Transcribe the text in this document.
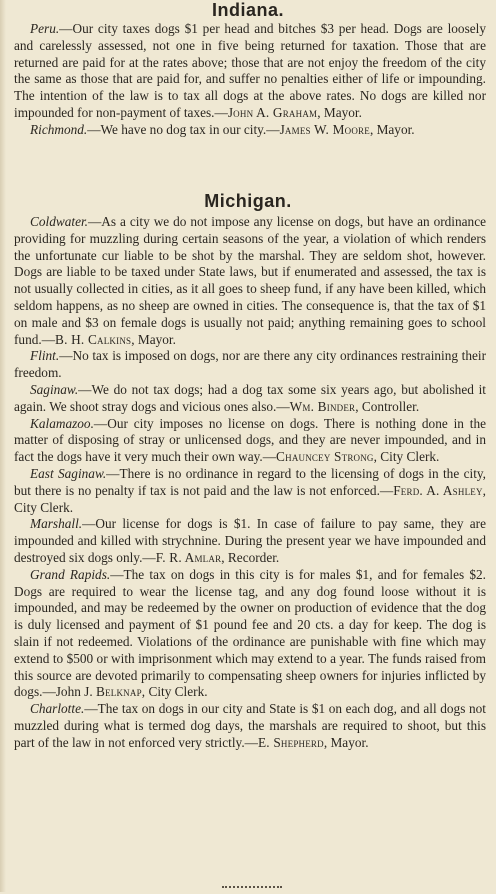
Indiana.

Peru.—Our city taxes dogs $1 per head and bitches $3 per head. Dogs are loosely and carelessly assessed, not one in five being returned for taxation. Those that are returned are paid for at the rates above; those that are not enjoy the freedom of the city the same as those that are paid for, and suffer no penalties either of life or impounding. The intention of the law is to tax all dogs at the above rates. No dogs are killed nor impounded for non-payment of taxes.—John A. Graham, Mayor.

Richmond.—We have no dog tax in our city.—James W. Moore, Mayor.

Michigan.

Coldwater.—As a city we do not impose any license on dogs, but have an ordinance providing for muzzling during certain seasons of the year, a violation of which renders the unfortunate cur liable to be shot by the marshal. They are seldom shot, however. Dogs are liable to be taxed under State laws, but if enumerated and assessed, the tax is not usually collected in cities, as it all goes to sheep fund, if any have been killed, which seldom happens, as no sheep are owned in cities. The consequence is, that the tax of $1 on male and $3 on female dogs is usually not paid; anything remaining goes to school fund.—B. H. Calkins, Mayor.

Flint.—No tax is imposed on dogs, nor are there any city ordinances restraining their freedom.

Saginaw.—We do not tax dogs; had a dog tax some six years ago, but abolished it again. We shoot stray dogs and vicious ones also.—Wm. Binder, Controller.

Kalamazoo.—Our city imposes no license on dogs. There is nothing done in the matter of disposing of stray or unlicensed dogs, and they are never impounded, and in fact the dogs have it very much their own way.—Chauncey Strong, City Clerk.

East Saginaw.—There is no ordinance in regard to the licensing of dogs in the city, but there is no penalty if tax is not paid and the law is not enforced.—Ferd. A. Ashley, City Clerk.

Marshall.—Our license for dogs is $1. In case of failure to pay same, they are impounded and killed with strychnine. During the present year we have impounded and destroyed six dogs only.—F. R. Amlar, Recorder.

Grand Rapids.—The tax on dogs in this city is for males $1, and for females $2. Dogs are required to wear the license tag, and any dog found loose without it is impounded, and may be redeemed by the owner on production of evidence that the dog is duly licensed and payment of $1 pound fee and 20 cts. a day for keep. The dog is slain if not redeemed. Violations of the ordinance are punishable with fine which may extend to $500 or with imprisonment which may extend to a year. The funds raised from this source are devoted primarily to compensating sheep owners for injuries inflicted by dogs.—John J. Belknap, City Clerk.

Charlotte.—The tax on dogs in our city and State is $1 on each dog, and all dogs not muzzled during what is termed dog days, the marshals are required to shoot, but this part of the law in not enforced very strictly.—E. Shepherd, Mayor.
